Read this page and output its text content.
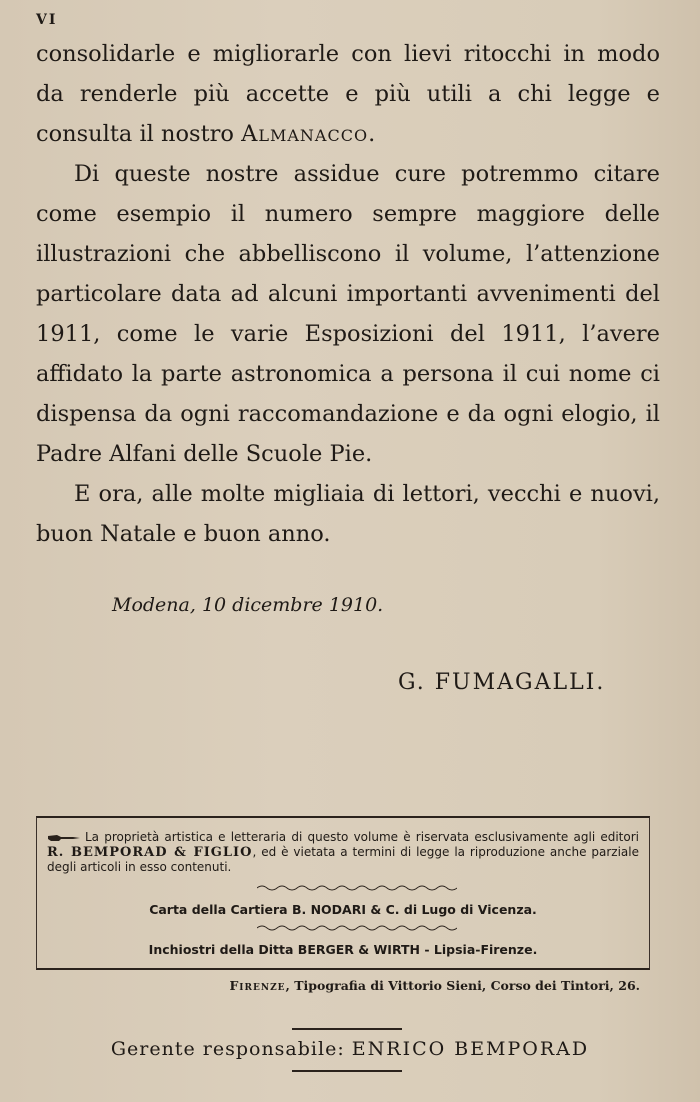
VI

consolidarle e migliorarle con lievi ritocchi in modo da renderle più accette e più utili a chi legge e consulta il nostro Almanacco.

Di queste nostre assidue cure potremmo citare come esempio il numero sempre maggiore delle illustrazioni che abbelliscono il volume, l’attenzione particolare data ad alcuni importanti avvenimenti del 1911, come le varie Esposizioni del 1911, l’avere affidato la parte astronomica a persona il cui nome ci dispensa da ogni raccomandazione e da ogni elogio, il Padre Alfani delle Scuole Pie.

E ora, alle molte migliaia di lettori, vecchi e nuovi, buon Natale e buon anno.

Modena, 10 dicembre 1910.
G. FUMAGALLI.
La proprietà artistica e letteraria di questo volume è riservata esclusivamente agli editori R. BEMPORAD & FIGLIO, ed è vietata a termini di legge la riproduzione anche parziale degli articoli in esso contenuti.
Carta della Cartiera B. NODARI & C. di Lugo di Vicenza.
Inchiostri della Ditta BERGER & WIRTH - Lipsia-Firenze.
Firenze, Tipografia di Vittorio Sieni, Corso dei Tintori, 26.
Gerente responsabile: ENRICO BEMPORAD
